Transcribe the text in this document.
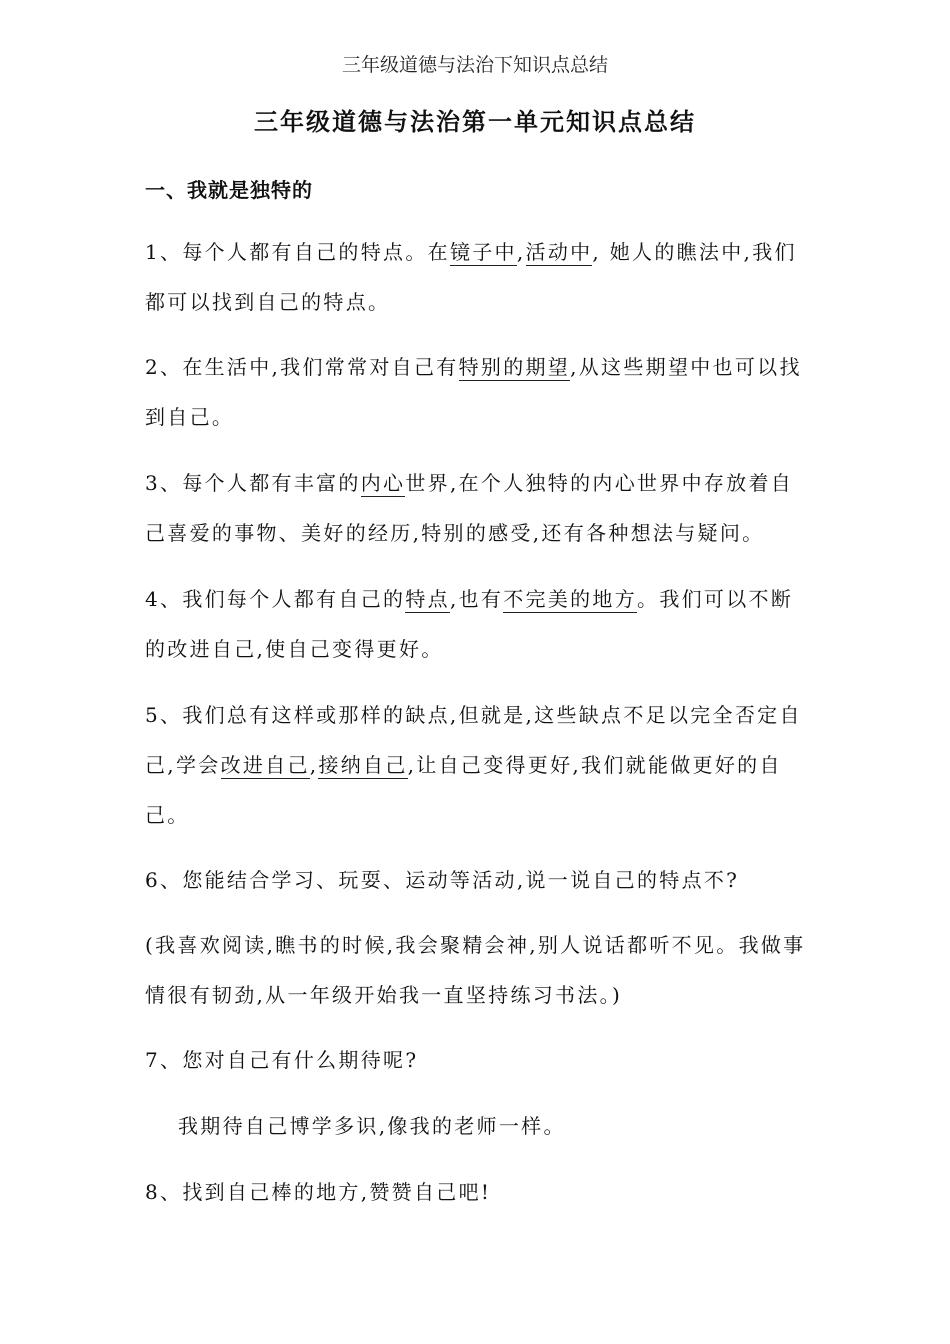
三年级道德与法治下知识点总结
三年级道德与法治第一单元知识点总结
一、我就是独特的
1、每个人都有自己的特点。在镜子中,活动中, 她人的瞧法中,我们都可以找到自己的特点。
2、在生活中,我们常常对自己有特别的期望,从这些期望中也可以找到自己。
3、每个人都有丰富的内心世界,在个人独特的内心世界中存放着自己喜爱的事物、美好的经历,特别的感受,还有各种想法与疑问。
4、我们每个人都有自己的特点,也有不完美的地方。我们可以不断的改进自己,使自己变得更好。
5、我们总有这样或那样的缺点,但就是,这些缺点不足以完全否定自己,学会改进自己,接纳自己,让自己变得更好,我们就能做更好的自己。
6、您能结合学习、玩耍、运动等活动,说一说自己的特点不?
(我喜欢阅读,瞧书的时候,我会聚精会神,别人说话都听不见。我做事情很有韧劲,从一年级开始我一直坚持练习书法。)
7、您对自己有什么期待呢?
我期待自己博学多识,像我的老师一样。
8、找到自己棒的地方,赞赞自己吧!
